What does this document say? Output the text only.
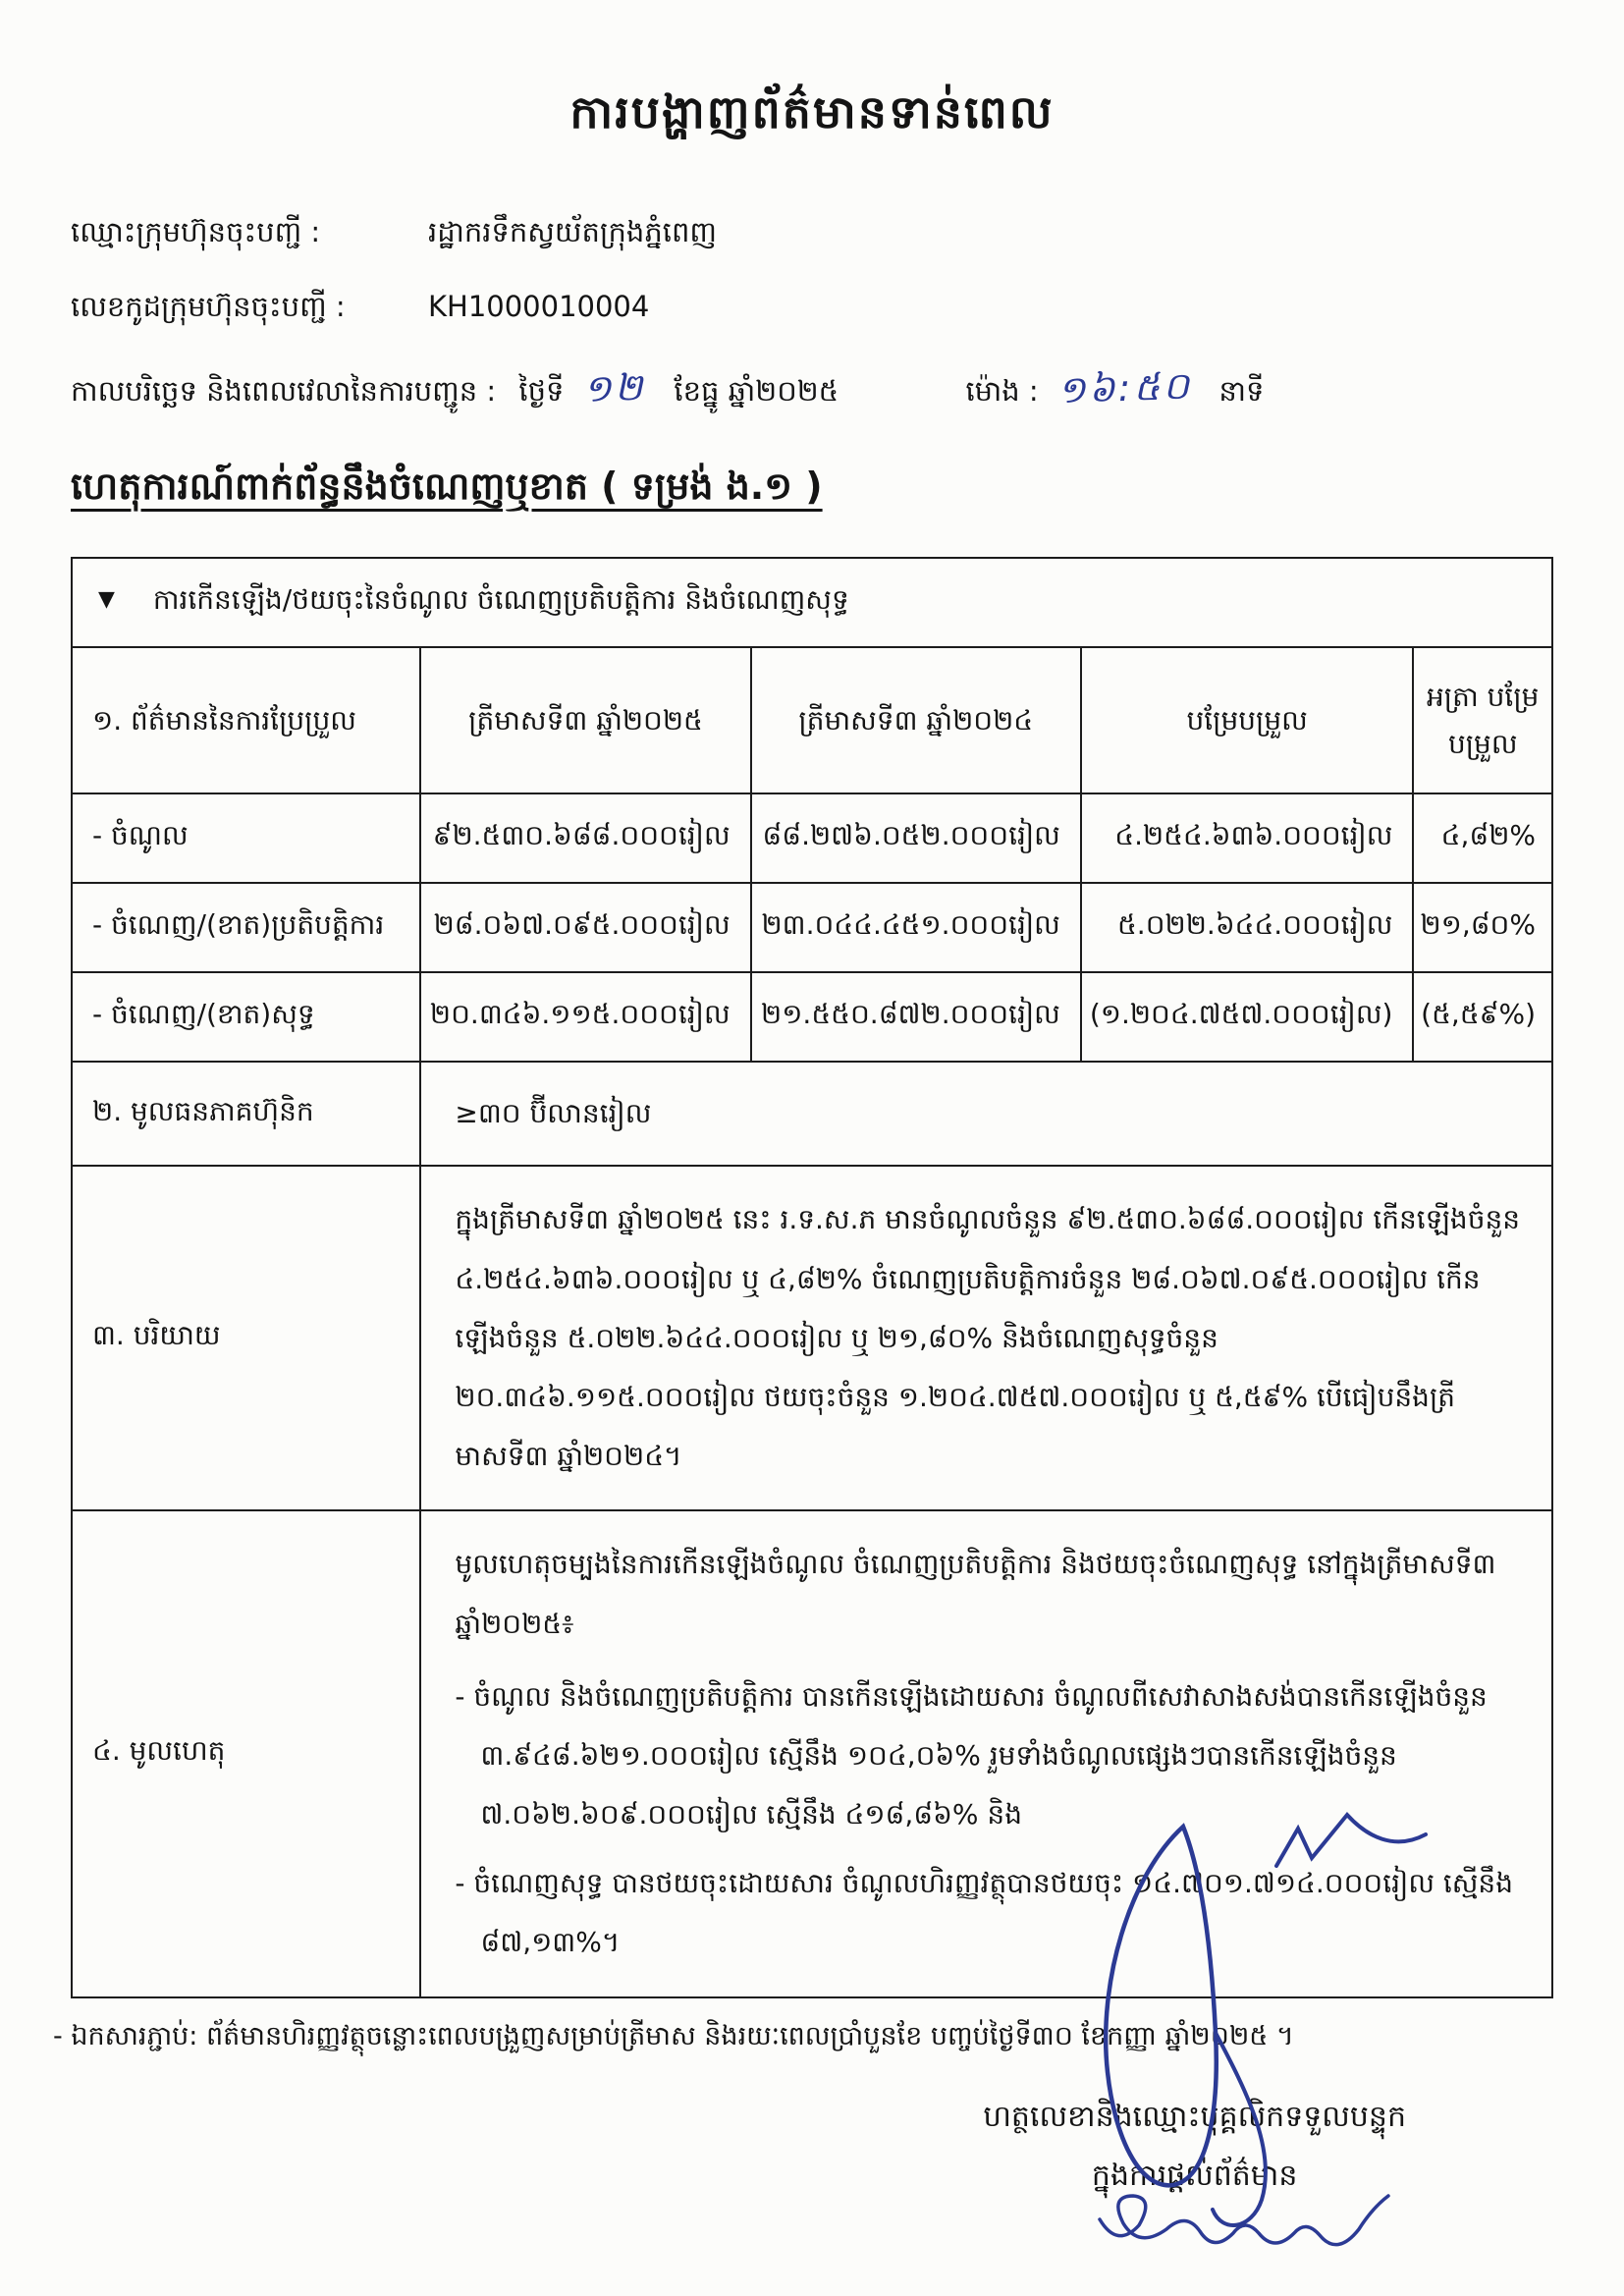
ការបង្ហាញព័ត៌មានទាន់ពេល
ឈ្មោះក្រុមហ៊ុនចុះបញ្ជី :	រដ្ឋាករទឹកស្វយ័តក្រុងភ្នំពេញ
លេខកូដក្រុមហ៊ុនចុះបញ្ជី :	KH1000010004
កាលបរិច្ឆេទ និងពេលវេលានៃការបញ្ជូន : ថ្ងៃទី ១២ ខែធ្នូ ឆ្នាំ២០២៥	ម៉ោង : ១៦:៥០ នាទី
ហេតុការណ៍ពាក់ព័ន្ធនឹងចំណេញឬខាត ( ទម្រង់ ង.១ )
▼ ការកើនឡើង/ថយចុះនៃចំណូល ចំណេញប្រតិបត្តិការ និងចំណេញសុទ្ធ				
១. ព័ត៌មាននៃការប្រែប្រួល	ត្រីមាសទី៣ ឆ្នាំ២០២៥	ត្រីមាសទី៣ ឆ្នាំ២០២៤	បម្រែបម្រួល	អត្រា បម្រែបម្រួល
- ចំណូល	៩២.៥៣០.៦៨៨.០០០រៀល	៨៨.២៧៦.០៥២.០០០រៀល	៤.២៥៤.៦៣៦.០០០រៀល	៤,៨២%
- ចំណេញ/(ខាត)ប្រតិបត្តិការ	២៨.០៦៧.០៩៥.០០០រៀល	២៣.០៤៤.៤៥១.០០០រៀល	៥.០២២.៦៤៤.០០០រៀល	២១,៨០%
- ចំណេញ/(ខាត)សុទ្ធ	២០.៣៤៦.១១៥.០០០រៀល	២១.៥៥០.៨៧២.០០០រៀល	(១.២០៤.៧៥៧.០០០រៀល)	(៥,៥៩%)
២. មូលធនភាគហ៊ុនិក	≥៣០ ប៊ីលានរៀល			
៣. បរិយាយ	ក្នុងត្រីមាសទី៣ ឆ្នាំ២០២៥ នេះ រ.ទ.ស.ភ មានចំណូលចំនួន ៩២.៥៣០.៦៨៨.០០០រៀល កើនឡើងចំនួន ៤.២៥៤.៦៣៦.០០០រៀល ឬ ៤,៨២% ចំណេញប្រតិបត្តិការចំនួន ២៨.០៦៧.០៩៥.០០០រៀល កើនឡើងចំនួន ៥.០២២.៦៤៤.០០០រៀល ឬ ២១,៨០% និងចំណេញសុទ្ធចំនួន ២០.៣៤៦.១១៥.០០០រៀល ថយចុះចំនួន ១.២០៤.៧៥៧.០០០រៀល ឬ ៥,៥៩% បើធៀបនឹងត្រីមាសទី៣ ឆ្នាំ២០២៤។			
៤. មូលហេតុ	មូលហេតុចម្បងនៃការកើនឡើងចំណូល ចំណេញប្រតិបត្តិការ និងថយចុះចំណេញសុទ្ធ នៅក្នុងត្រីមាសទី៣ ឆ្នាំ២០២៥៖
- ចំណូល និងចំណេញប្រតិបត្តិការ បានកើនឡើងដោយសារ ចំណូលពីសេវាសាងសង់បានកើនឡើងចំនួន ៣.៩៤៨.៦២១.០០០រៀល ស្មើនឹង ១០៤,០៦% រួមទាំងចំណូលផ្សេងៗបានកើនឡើងចំនួន ៧.០៦២.៦០៩.០០០រៀល ស្មើនឹង ៤១៨,៨៦% និង
- ចំណេញសុទ្ធ បានថយចុះដោយសារ ចំណូលហិរញ្ញវត្ថុបានថយចុះ ១៤.៧០១.៧១៤.០០០រៀល ស្មើនឹង ៨៧,១៣%។			
- ឯកសារភ្ជាប់: ព័ត៌មានហិរញ្ញវត្ថុចន្លោះពេលបង្រួញសម្រាប់ត្រីមាស និងរយៈពេលប្រាំបួនខែ បញ្ចប់ថ្ងៃទី៣០ ខែកញ្ញា ឆ្នាំ២០២៥ ។
ហត្ថលេខានិងឈ្មោះបុគ្គលិកទទួលបន្ទុក
ក្នុងការផ្តល់ព័ត៌មាន
